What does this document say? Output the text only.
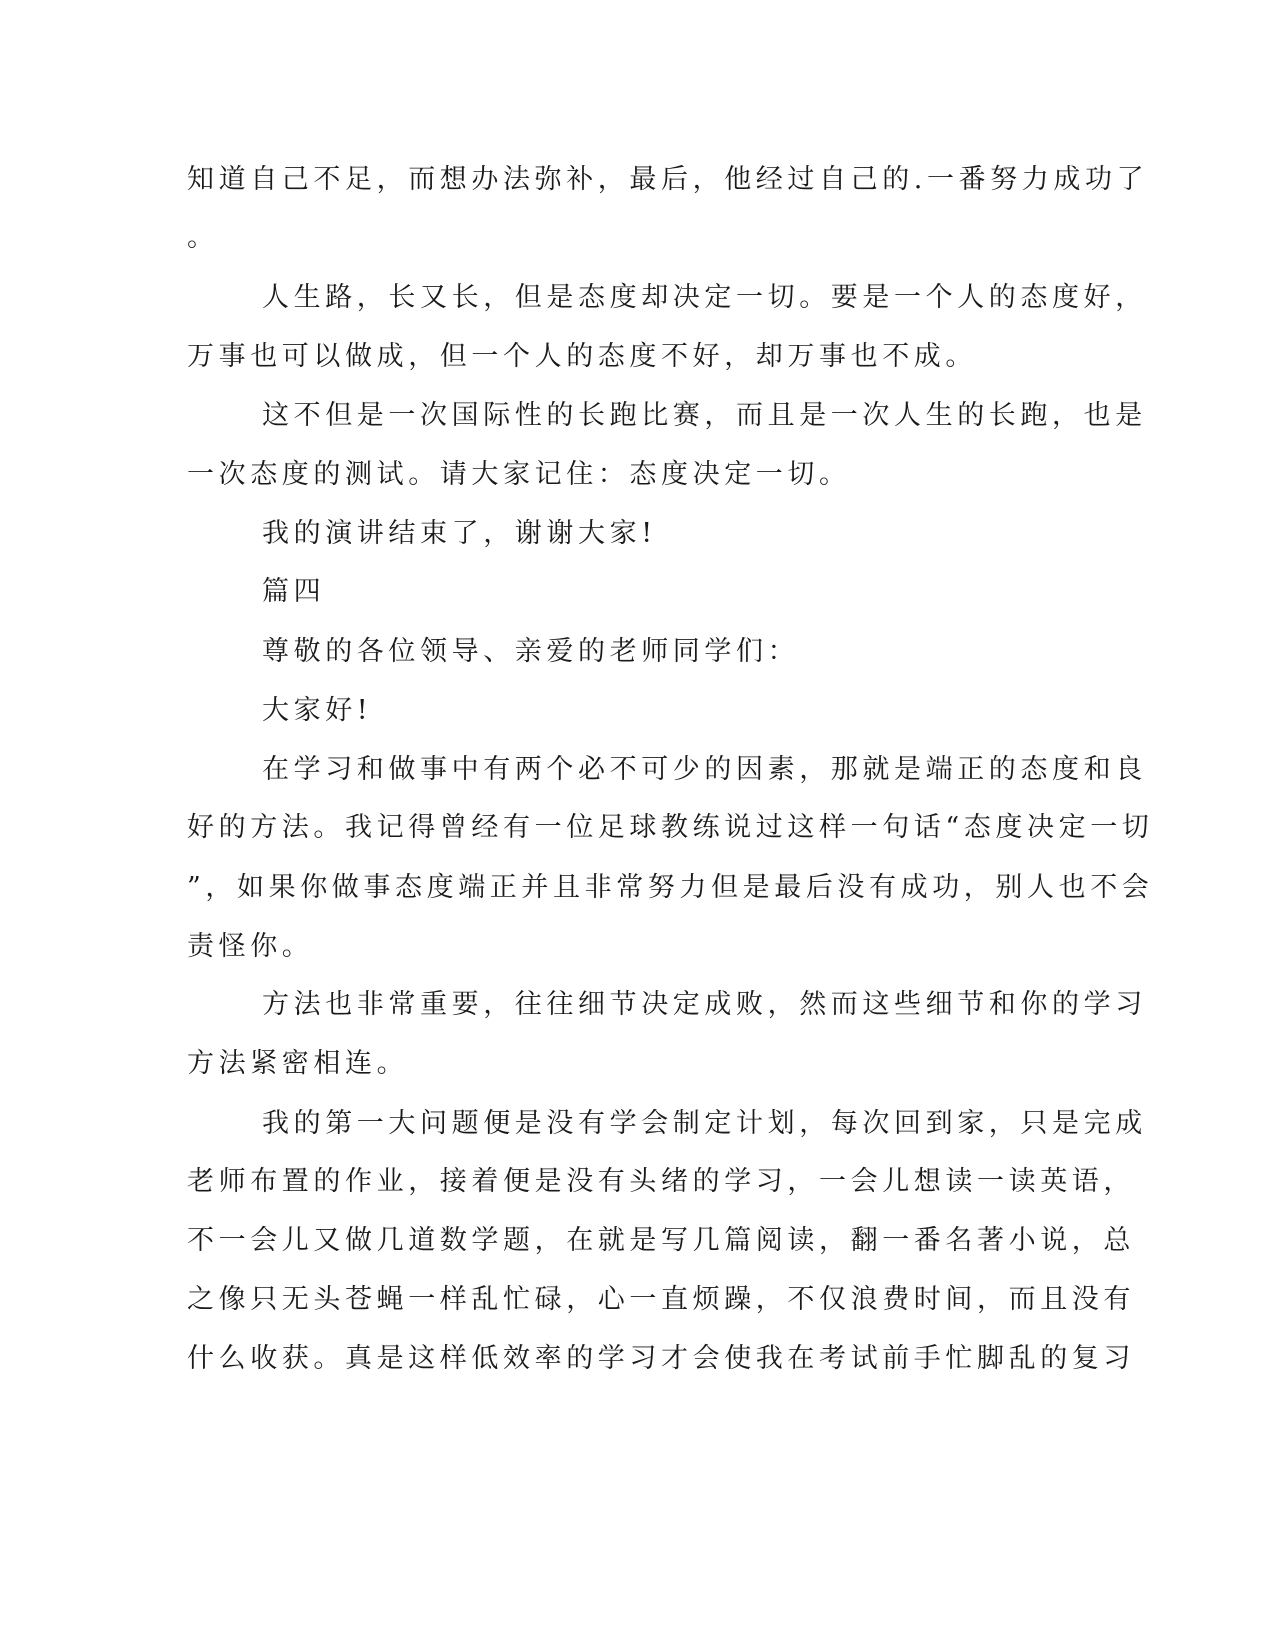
知道自己不足，而想办法弥补，最后，他经过自己的.一番努力成功了
。
人生路，长又长，但是态度却决定一切。要是一个人的态度好，
万事也可以做成，但一个人的态度不好，却万事也不成。
这不但是一次国际性的长跑比赛，而且是一次人生的长跑，也是
一次态度的测试。请大家记住：态度决定一切。
我的演讲结束了，谢谢大家!
篇四
尊敬的各位领导、亲爱的老师同学们：
大家好!
在学习和做事中有两个必不可少的因素，那就是端正的态度和良
好的方法。我记得曾经有一位足球教练说过这样一句话“态度决定一切
”，如果你做事态度端正并且非常努力但是最后没有成功，别人也不会
责怪你。
方法也非常重要，往往细节决定成败，然而这些细节和你的学习
方法紧密相连。
我的第一大问题便是没有学会制定计划，每次回到家，只是完成
老师布置的作业，接着便是没有头绪的学习，一会儿想读一读英语，
不一会儿又做几道数学题，在就是写几篇阅读，翻一番名著小说，总
之像只无头苍蝇一样乱忙碌，心一直烦躁，不仅浪费时间，而且没有
什么收获。真是这样低效率的学习才会使我在考试前手忙脚乱的复习
